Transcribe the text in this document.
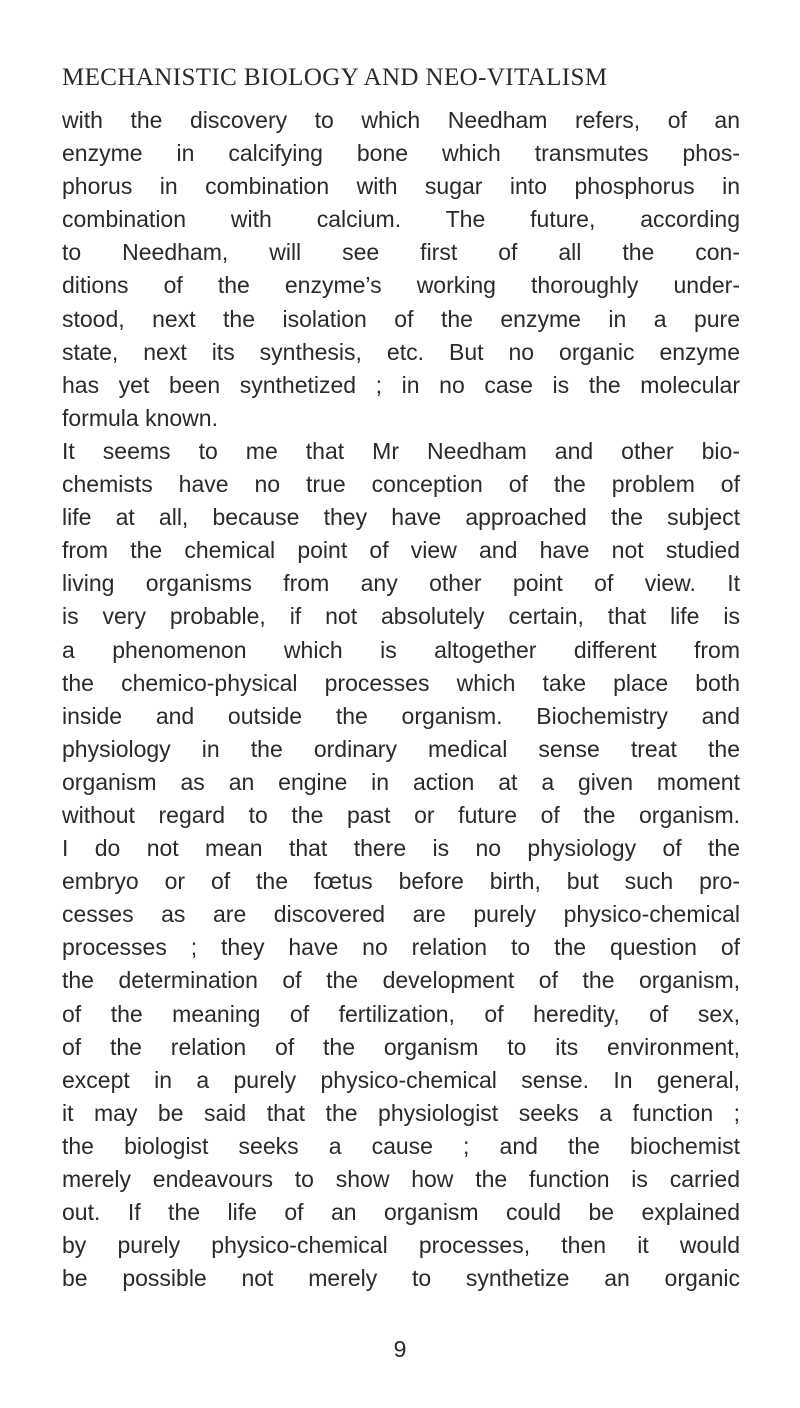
MECHANISTIC BIOLOGY AND NEO-VITALISM
with the discovery to which Needham refers, of an
enzyme in calcifying bone which transmutes phos-
phorus in combination with sugar into phosphorus in
combination with calcium. The future, according
to Needham, will see first of all the con-
ditions of the enzyme’s working thoroughly under-
stood, next the isolation of the enzyme in a pure
state, next its synthesis, etc. But no organic enzyme
has yet been synthetized ; in no case is the molecular
formula known.
It seems to me that Mr Needham and other bio-
chemists have no true conception of the problem of
life at all, because they have approached the subject
from the chemical point of view and have not studied
living organisms from any other point of view. It
is very probable, if not absolutely certain, that life is
a phenomenon which is altogether different from
the chemico-physical processes which take place both
inside and outside the organism. Biochemistry and
physiology in the ordinary medical sense treat the
organism as an engine in action at a given moment
without regard to the past or future of the organism.
I do not mean that there is no physiology of the
embryo or of the fœtus before birth, but such pro-
cesses as are discovered are purely physico-chemical
processes ; they have no relation to the question of
the determination of the development of the organism,
of the meaning of fertilization, of heredity, of sex,
of the relation of the organism to its environment,
except in a purely physico-chemical sense. In general,
it may be said that the physiologist seeks a function ;
the biologist seeks a cause ; and the biochemist
merely endeavours to show how the function is carried
out. If the life of an organism could be explained
by purely physico-chemical processes, then it would
be possible not merely to synthetize an organic
9
